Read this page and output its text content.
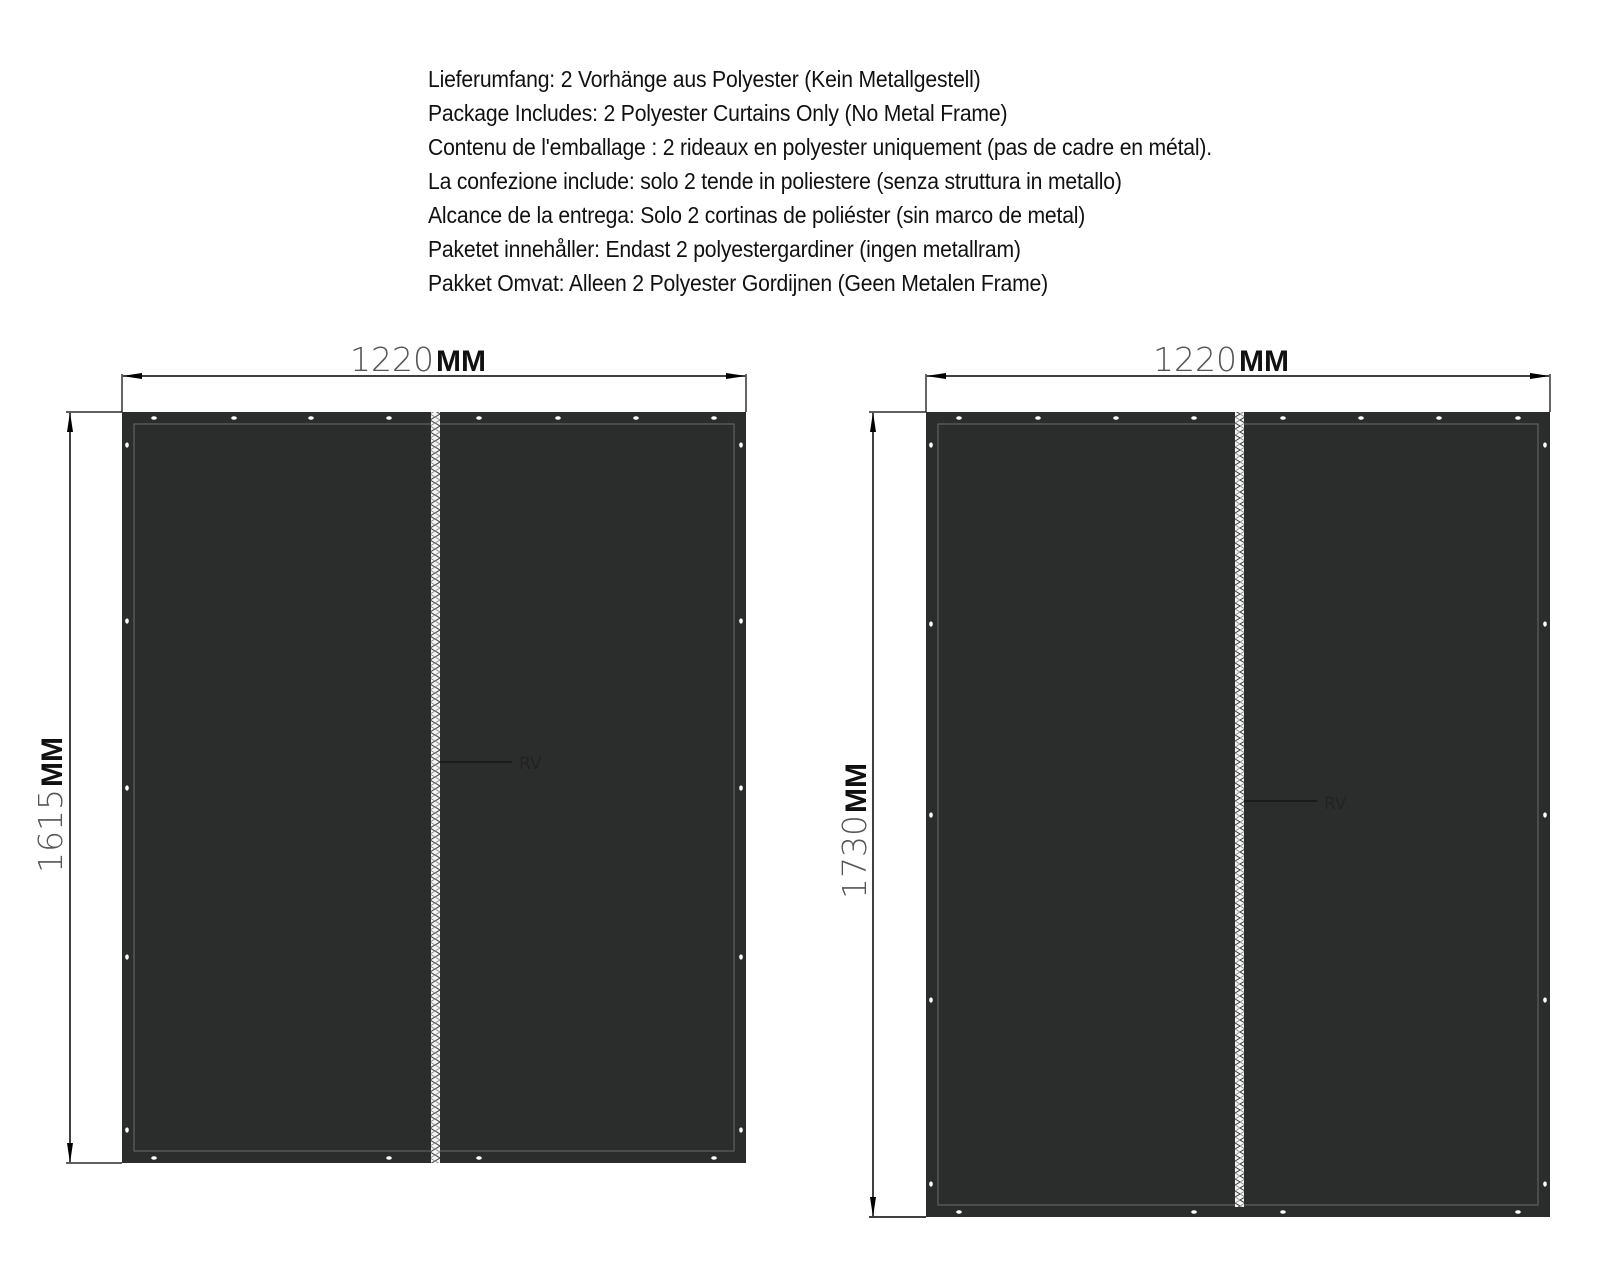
Lieferumfang: 2 Vorhänge aus Polyester (Kein Metallgestell)
Package Includes: 2 Polyester Curtains Only (No Metal Frame)
Contenu de l'emballage : 2 rideaux en polyester uniquement (pas de cadre en métal).
La confezione include: solo 2 tende in poliestere (senza struttura in metallo)
Alcance de la entrega: Solo 2 cortinas de poliéster (sin marco de metal)
Paketet innehåller: Endast 2 polyestergardiner (ingen metallram)
Pakket Omvat: Alleen 2 Polyester Gordijnen (Geen Metalen Frame)
1220 MM
1615
MM	RV
1220 MM
1730
MM	RV
